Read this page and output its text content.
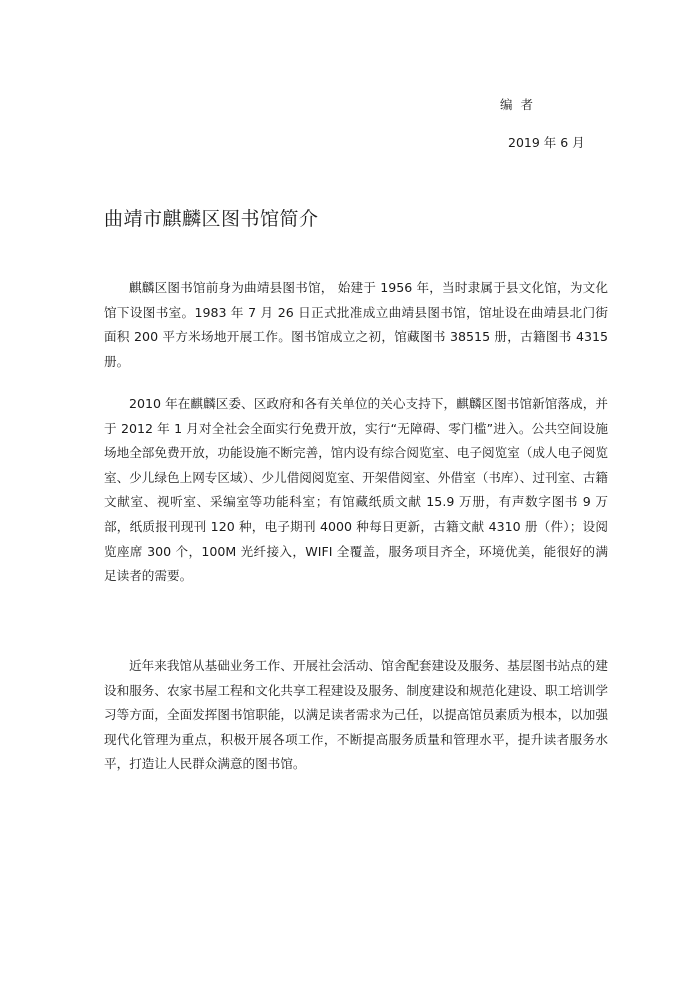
编 者
2019 年 6 月
曲靖市麒麟区图书馆简介

麒麟区图书馆前身为曲靖县图书馆， 始建于 1956 年，当时隶属于县文化馆，为文化馆下设图书室。1983 年 7 月 26 日正式批准成立曲靖县图书馆，馆址设在曲靖县北门街面积 200 平方米场地开展工作。图书馆成立之初，馆藏图书 38515 册，古籍图书 4315 册。

2010 年在麒麟区委、区政府和各有关单位的关心支持下，麒麟区图书馆新馆落成，并于 2012 年 1 月对全社会全面实行免费开放，实行“无障碍、零门槛”进入。公共空间设施场地全部免费开放，功能设施不断完善，馆内设有综合阅览室、电子阅览室（成人电子阅览室、少儿绿色上网专区域）、少儿借阅阅览室、开架借阅室、外借室（书库）、过刊室、古籍文献室、视听室、采编室等功能科室；有馆藏纸质文献 15.9 万册，有声数字图书 9 万部，纸质报刊现刊 120 种，电子期刊 4000 种每日更新，古籍文献 4310 册（件）；设阅览座席 300 个，100M 光纤接入，WIFI 全覆盖，服务项目齐全，环境优美，能很好的满足读者的需要。

近年来我馆从基础业务工作、开展社会活动、馆舍配套建设及服务、基层图书站点的建设和服务、农家书屋工程和文化共享工程建设及服务、制度建设和规范化建设、职工培训学习等方面，全面发挥图书馆职能，以满足读者需求为己任，以提高馆员素质为根本，以加强现代化管理为重点，积极开展各项工作，不断提高服务质量和管理水平，提升读者服务水平，打造让人民群众满意的图书馆。
